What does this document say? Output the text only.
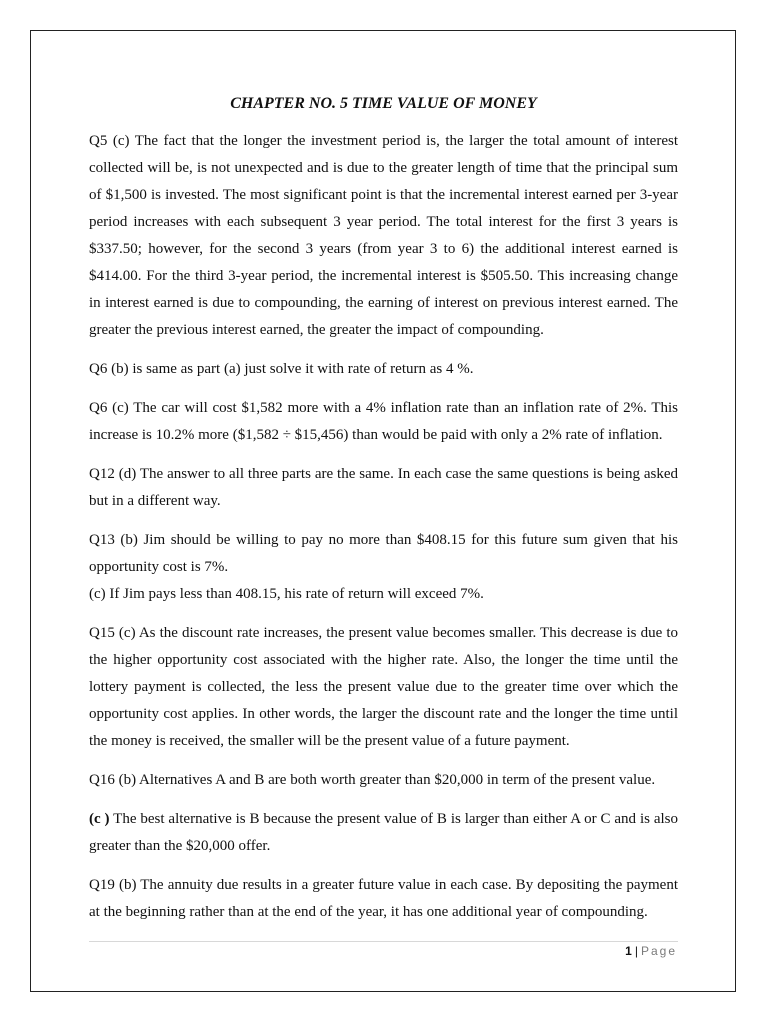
CHAPTER NO. 5 TIME VALUE OF MONEY

Q5 (c) The fact that the longer the investment period is, the larger the total amount of interest collected will be, is not unexpected and is due to the greater length of time that the principal sum of $1,500 is invested. The most significant point is that the incremental interest earned per 3-year period increases with each subsequent 3 year period. The total interest for the first 3 years is $337.50; however, for the second 3 years (from year 3 to 6) the additional interest earned is $414.00. For the third 3-year period, the incremental interest is $505.50. This increasing change in interest earned is due to compounding, the earning of interest on previous interest earned. The greater the previous interest earned, the greater the impact of compounding.

Q6 (b) is same as part (a) just solve it with rate of return as 4 %.

Q6 (c) The car will cost $1,582 more with a 4% inflation rate than an inflation rate of 2%. This increase is 10.2% more ($1,582 ÷ $15,456) than would be paid with only a 2% rate of inflation.

Q12 (d) The answer to all three parts are the same. In each case the same questions is being asked but in a different way.

Q13 (b) Jim should be willing to pay no more than $408.15 for this future sum given that his opportunity cost is 7%.

(c) If Jim pays less than 408.15, his rate of return will exceed 7%.

Q15 (c) As the discount rate increases, the present value becomes smaller. This decrease is due to the higher opportunity cost associated with the higher rate. Also, the longer the time until the lottery payment is collected, the less the present value due to the greater time over which the opportunity cost applies. In other words, the larger the discount rate and the longer the time until the money is received, the smaller will be the present value of a future payment.

Q16 (b) Alternatives A and B are both worth greater than $20,000 in term of the present value.

(c ) The best alternative is B because the present value of B is larger than either A or C and is also greater than the $20,000 offer.

Q19 (b) The annuity due results in a greater future value in each case. By depositing the payment at the beginning rather than at the end of the year, it has one additional year of compounding.

1 | Page
